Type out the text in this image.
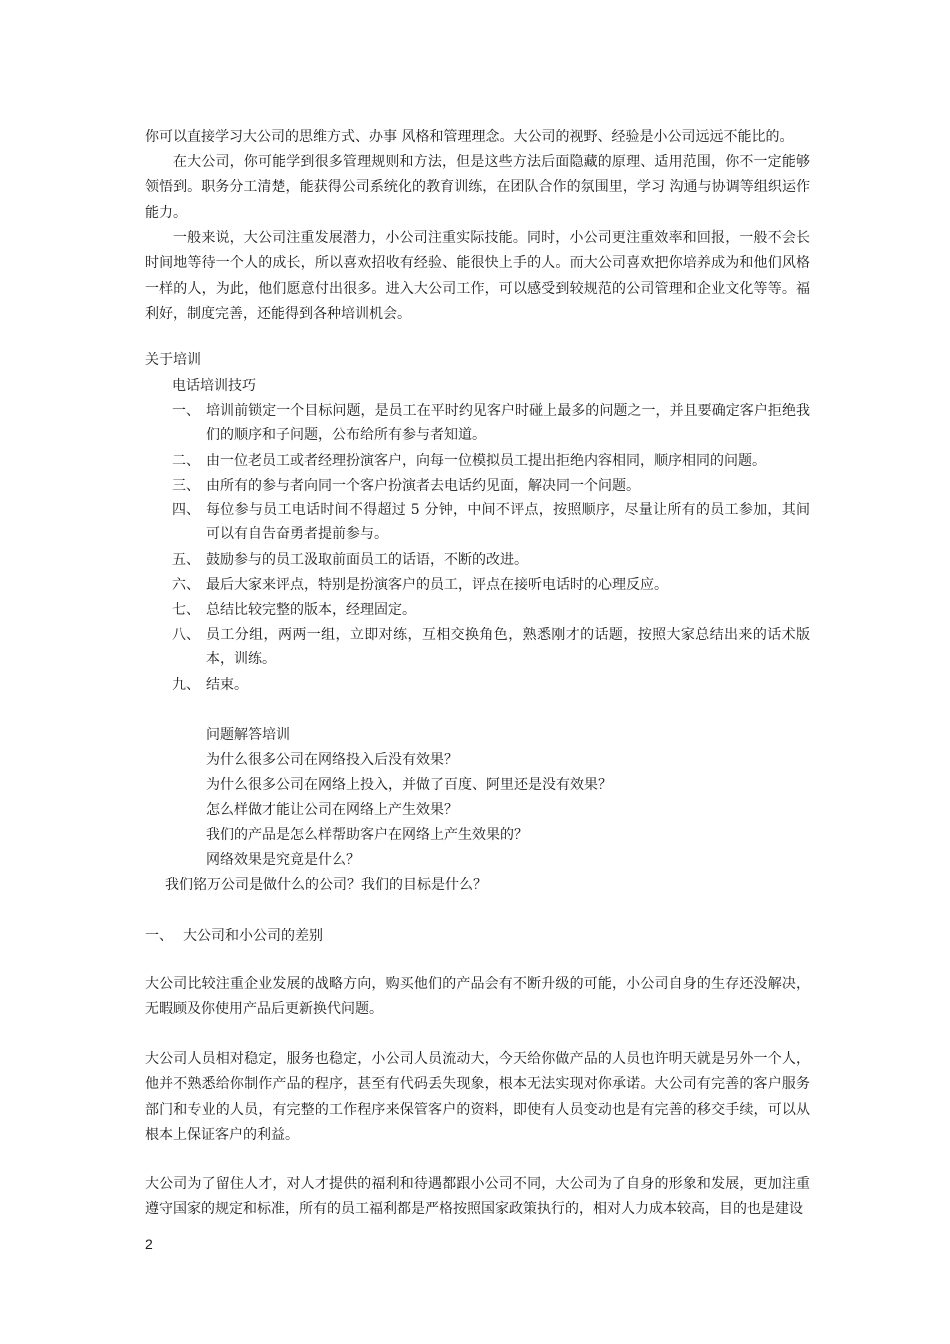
你可以直接学习大公司的思维方式、办事 风格和管理理念。大公司的视野、经验是小公司远远不能比的。

在大公司，你可能学到很多管理规则和方法，但是这些方法后面隐藏的原理、适用范围，你不一定能够领悟到。职务分工清楚，能获得公司系统化的教育训练，在团队合作的氛围里，学习 沟通与协调等组织运作能力。

一般来说，大公司注重发展潜力，小公司注重实际技能。同时，小公司更注重效率和回报，一般不会长时间地等待一个人的成长，所以喜欢招收有经验、能很快上手的人。而大公司喜欢把你培养成为和他们风格一样的人，为此，他们愿意付出很多。进入大公司工作，可以感受到较规范的公司管理和企业文化等等。福利好，制度完善，还能得到各种培训机会。

关于培训
电话培训技巧
一、 培训前锁定一个目标问题，是员工在平时约见客户时碰上最多的问题之一，并且要确定客户拒绝我们的顺序和子问题，公布给所有参与者知道。

二、 由一位老员工或者经理扮演客户，向每一位模拟员工提出拒绝内容相同，顺序相同的问题。

三、 由所有的参与者向同一个客户扮演者去电话约见面，解决同一个问题。

四、 每位参与员工电话时间不得超过 5 分钟，中间不评点，按照顺序，尽量让所有的员工参加，其间可以有自告奋勇者提前参与。

五、 鼓励参与的员工汲取前面员工的话语，不断的改进。

六、 最后大家来评点，特别是扮演客户的员工，评点在接听电话时的心理反应。

七、 总结比较完整的版本，经理固定。

八、 员工分组，两两一组，立即对练，互相交换角色，熟悉刚才的话题，按照大家总结出来的话术版本，训练。

九、 结束。

问题解答培训
为什么很多公司在网络投入后没有效果？
为什么很多公司在网络上投入，并做了百度、阿里还是没有效果？
怎么样做才能让公司在网络上产生效果？
我们的产品是怎么样帮助客户在网络上产生效果的？
网络效果是究竟是什么？
我们铭万公司是做什么的公司？我们的目标是什么？
一、 大公司和小公司的差别

大公司比较注重企业发展的战略方向，购买他们的产品会有不断升级的可能，小公司自身的生存还没解决，无暇顾及你使用产品后更新换代问题。

大公司人员相对稳定，服务也稳定，小公司人员流动大，今天给你做产品的人员也许明天就是另外一个人，他并不熟悉给你制作产品的程序，甚至有代码丢失现象，根本无法实现对你承诺。大公司有完善的客户服务部门和专业的人员，有完整的工作程序来保管客户的资料，即使有人员变动也是有完善的移交手续，可以从根本上保证客户的利益。

大公司为了留住人才，对人才提供的福利和待遇都跟小公司不同，大公司为了自身的形象和发展，更加注重遵守国家的规定和标准，所有的员工福利都是严格按照国家政策执行的，相对人力成本较高，目的也是建设

2
